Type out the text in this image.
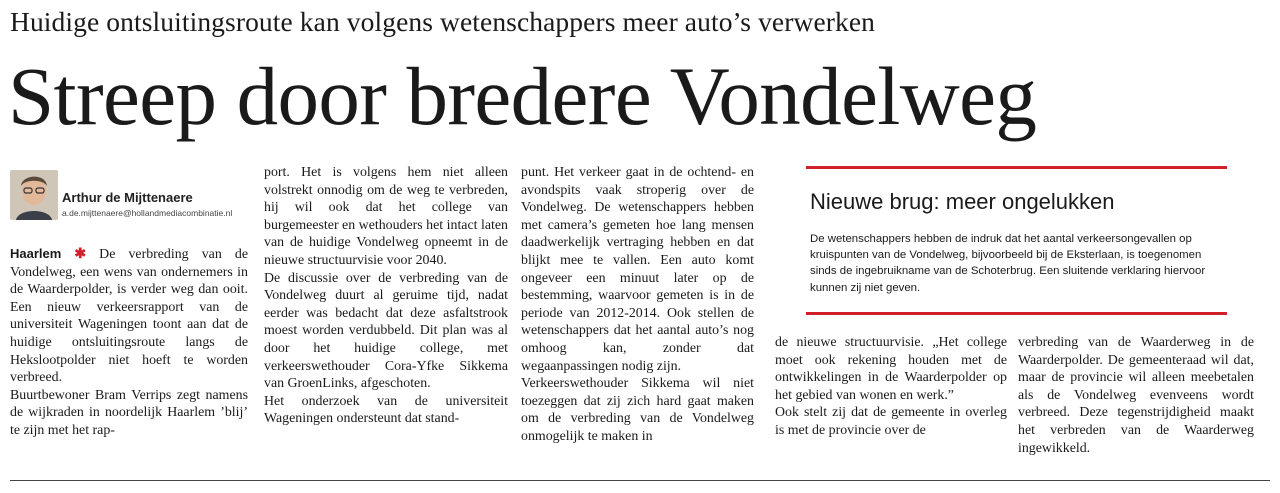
Huidige ontsluitingsroute kan volgens wetenschappers meer auto’s verwerken
Streep door bredere Vondelweg
Arthur de Mijttenaere
a.de.mijttenaere@hollandmediacombinatie.nl

Haarlem ✱ De verbreding van de Vondelweg, een wens van ondernemers in de Waarderpolder, is verder weg dan ooit. Een nieuw verkeersrapport van de universiteit Wageningen toont aan dat de huidige ontsluitingsroute langs de Hekslootpolder niet hoeft te worden verbreed.

Buurtbewoner Bram Verrips zegt namens de wijkraden in noordelijk Haarlem ’blij’ te zijn met het rap-

port. Het is volgens hem niet alleen volstrekt onnodig om de weg te verbreden, hij wil ook dat het college van burgemeester en wethouders het intact laten van de huidige Vondelweg opneemt in de nieuwe structuurvisie voor 2040.

De discussie over de verbreding van de Vondelweg duurt al geruime tijd, nadat eerder was bedacht dat deze asfaltstrook moest worden verdubbeld. Dit plan was al door het huidige college, met verkeerswethouder Cora-Yfke Sikkema van GroenLinks, afgeschoten.

Het onderzoek van de universiteit Wageningen ondersteunt dat stand-

punt. Het verkeer gaat in de ochtend- en avondspits vaak stroperig over de Vondelweg. De wetenschappers hebben met camera’s gemeten hoe lang mensen daadwerkelijk vertraging hebben en dat blijkt mee te vallen. Een auto komt ongeveer een minuut later op de bestemming, waarvoor gemeten is in de periode van 2012-2014. Ook stellen de wetenschappers dat het aantal auto’s nog omhoog kan, zonder dat wegaanpassingen nodig zijn.

Verkeerswethouder Sikkema wil niet toezeggen dat zij zich hard gaat maken om de verbreding van de Vondelweg onmogelijk te maken in

Nieuwe brug: meer ongelukken
De wetenschappers hebben de indruk dat het aantal verkeersongevallen op kruispunten van de Vondelweg, bijvoorbeeld bij de Eksterlaan, is toegenomen sinds de ingebruikname van de Schoterbrug. Een sluitende verklaring hiervoor kunnen zij niet geven.

de nieuwe structuurvisie. „Het college moet ook rekening houden met de ontwikkelingen in de Waarderpolder op het gebied van wonen en werk.”

Ook stelt zij dat de gemeente in overleg is met de provincie over de

verbreding van de Waarderweg in de Waarderpolder. De gemeenteraad wil dat, maar de provincie wil alleen meebetalen als de Vondelweg evenveens wordt verbreed. Deze tegenstrijdigheid maakt het verbreden van de Waarderweg ingewikkeld.
